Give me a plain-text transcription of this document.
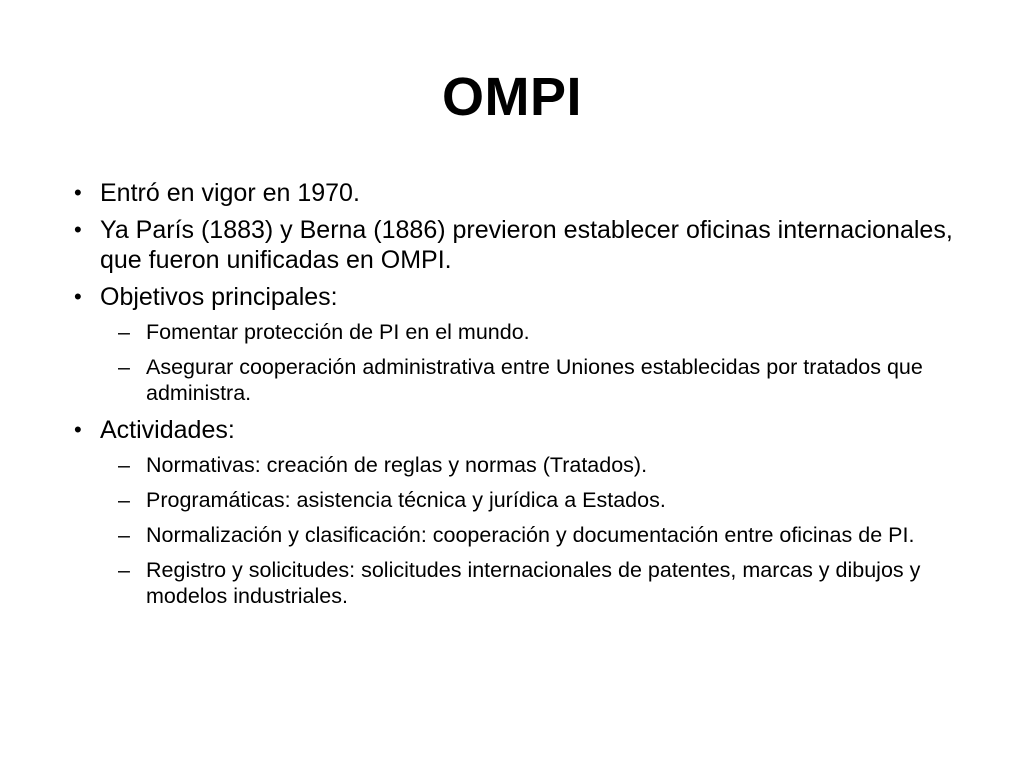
OMPI
• Entró en vigor en 1970.
• Ya París (1883) y Berna (1886) previeron establecer oficinas internacionales, que fueron unificadas en OMPI.
• Objetivos principales:
– Fomentar protección de PI en el mundo.
– Asegurar cooperación administrativa entre Uniones establecidas por tratados que administra.
• Actividades:
– Normativas: creación de reglas y normas (Tratados).
– Programáticas: asistencia técnica y jurídica a Estados.
– Normalización y clasificación: cooperación y documentación entre oficinas de PI.
– Registro y solicitudes: solicitudes internacionales de patentes, marcas y dibujos y modelos industriales.
